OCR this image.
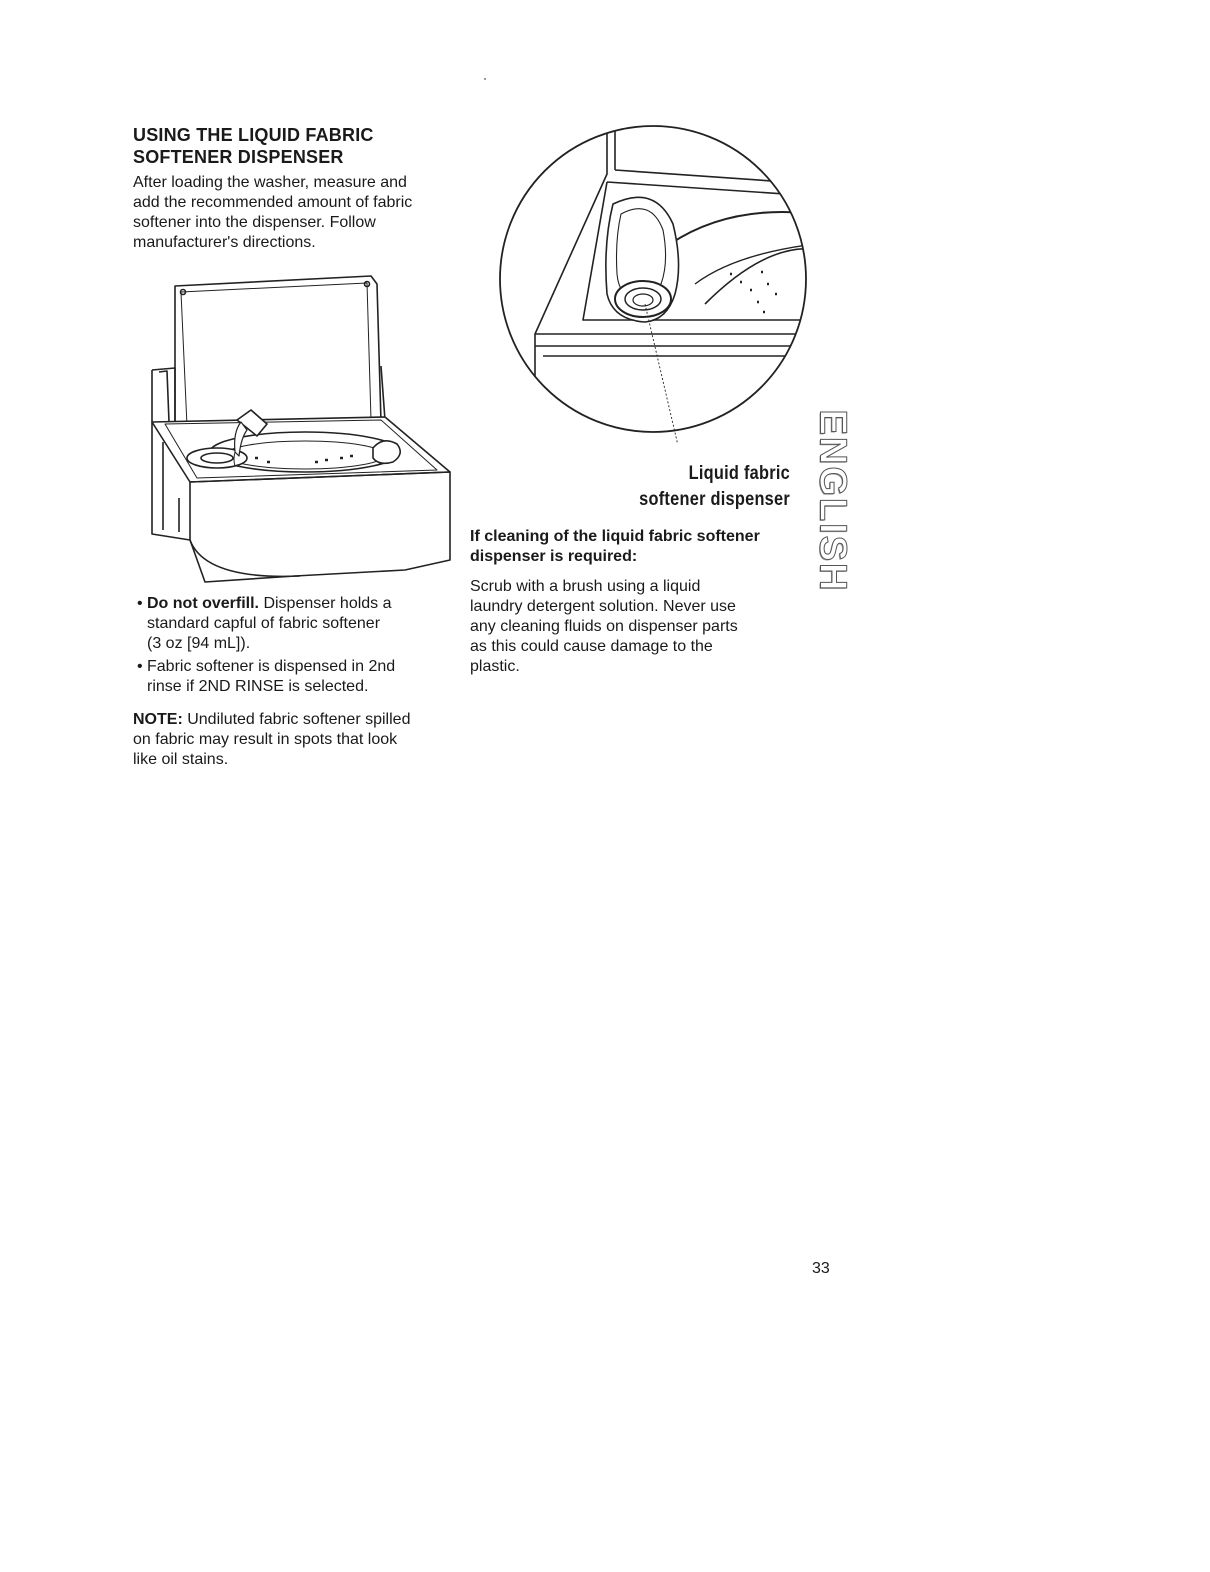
USING THE LIQUID FABRIC
SOFTENER DISPENSER
After loading the washer, measure and
add the recommended amount of fabric
softener into the dispenser. Follow
manufacturer's directions.
Liquid fabric
softener dispenser
If cleaning of the liquid fabric softener
dispenser is required:
Scrub with a brush using a liquid
laundry detergent solution. Never use
any cleaning fluids on dispenser parts
as this could cause damage to the
plastic.
• Do not overfill. Dispenser holds a
standard capful of fabric softener
(3 oz [94 mL]).
• Fabric softener is dispensed in 2nd
rinse if 2ND RINSE is selected.
NOTE: Undiluted fabric softener spilled
on fabric may result in spots that look
like oil stains.
ENGLISH
33
